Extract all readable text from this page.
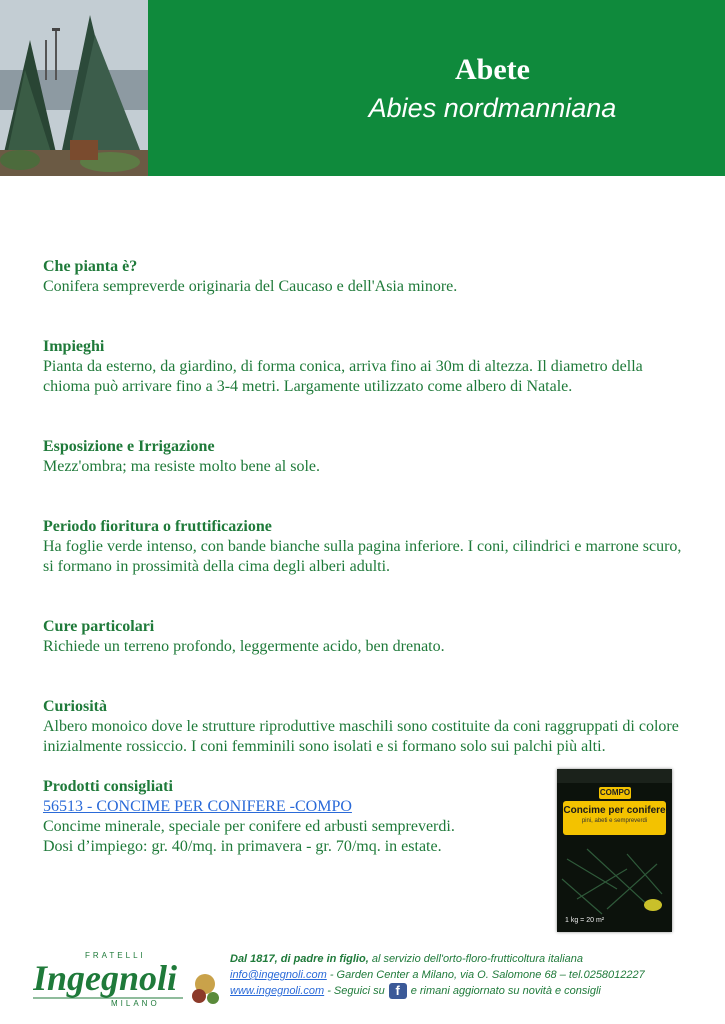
Abete
Abies nordmanniana
Che pianta è?

Conifera sempreverde originaria del Caucaso e dell'Asia minore.

Impieghi

Pianta da esterno, da giardino, di forma conica, arriva fino ai 30m di altezza. Il diametro della chioma può arrivare fino a 3-4 metri. Largamente utilizzato come albero di Natale.

Esposizione e Irrigazione

Mezz'ombra; ma resiste molto bene al sole.

Periodo fioritura o fruttificazione

Ha foglie verde intenso, con bande bianche sulla pagina inferiore. I coni, cilindrici e marrone scuro, si formano in prossimità della cima degli alberi adulti.

Cure particolari

Richiede un terreno profondo, leggermente acido, ben drenato.

Curiosità

Albero monoico dove le strutture riproduttive maschili sono costituite da coni raggruppati di colore inizialmente rossiccio. I coni femminili sono isolati e si formano solo sui palchi più alti.

Prodotti consigliati
56513 - CONCIME PER CONIFERE -COMPO

Concime minerale, speciale per conifere ed arbusti sempreverdi.

Dosi d’impiego: gr. 40/mq. in primavera - gr. 70/mq. in estate.

COMPO
Concime per conifere
pini, abeti e sempreverdi
1 kg = 20 m²
FRATELLI
Ingegnoli
MILANO
Dal 1817, di padre in figlio, al servizio dell'orto-floro-frutticoltura italiana
info@ingegnoli.com - Garden Center a Milano, via O. Salomone 68 – tel.0258012227
www.ingegnoli.com - Seguici su f e rimani aggiornato su novità e consigli
